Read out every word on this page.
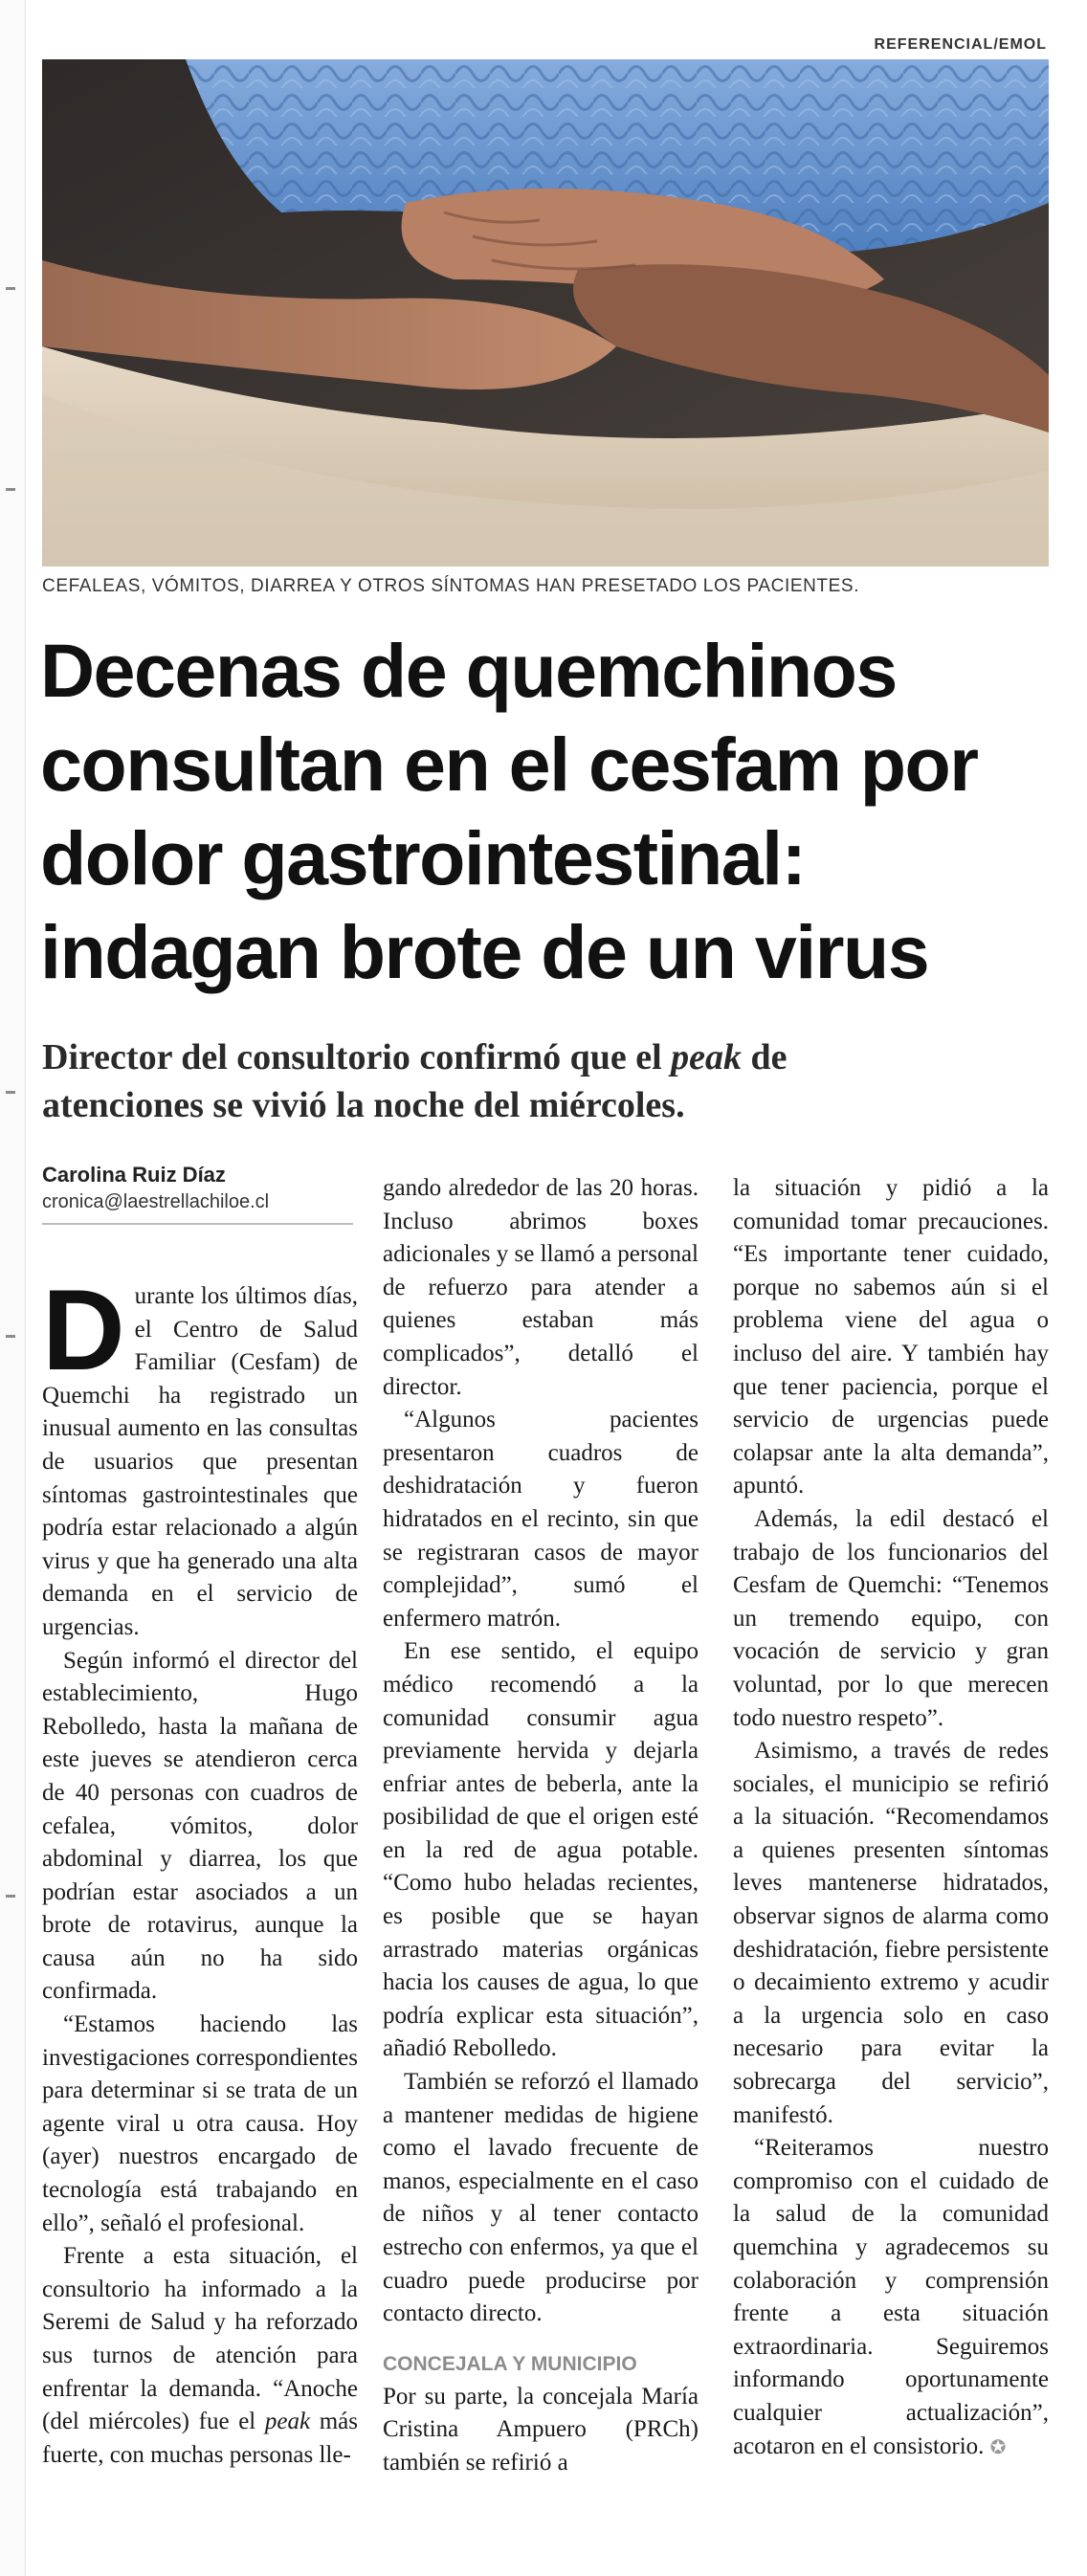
REFERENCIAL/EMOL
CEFALEAS, VÓMITOS, DIARREA Y OTROS SÍNTOMAS HAN PRESETADO LOS PACIENTES.
Decenas de quemchinos
consultan en el cesfam por
dolor gastrointestinal:
indagan brote de un virus
Director del consultorio confirmó que el peak de
atenciones se vivió la noche del miércoles.
Carolina Ruiz Díaz
cronica@laestrellachiloe.cl

Durante los últimos días, el Centro de Salud Familiar (Cesfam) de Quemchi ha registrado un inusual aumento en las consultas de usuarios que presentan síntomas gastrointestinales que podría estar relacionado a algún virus y que ha generado una alta demanda en el servicio de urgencias.

Según informó el director del establecimiento, Hugo Rebolledo, hasta la mañana de este jueves se atendieron cerca de 40 personas con cuadros de cefalea, vómitos, dolor abdominal y diarrea, los que podrían estar asociados a un brote de rotavirus, aunque la causa aún no ha sido confirmada.

“Estamos haciendo las investigaciones correspondientes para determinar si se trata de un agente viral u otra causa. Hoy (ayer) nuestros encargado de tecnología está trabajando en ello”, señaló el profesional.

Frente a esta situación, el consultorio ha informado a la Seremi de Salud y ha reforzado sus turnos de atención para enfrentar la demanda. “Anoche (del miércoles) fue el peak más fuerte, con muchas personas lle-

gando alrededor de las 20 horas. Incluso abrimos boxes adicionales y se llamó a personal de refuerzo para atender a quienes estaban más complicados”, detalló el director.

“Algunos pacientes presentaron cuadros de deshidratación y fueron hidratados en el recinto, sin que se registraran casos de mayor complejidad”, sumó el enfermero matrón.

En ese sentido, el equipo médico recomendó a la comunidad consumir agua previamente hervida y dejarla enfriar antes de beberla, ante la posibilidad de que el origen esté en la red de agua potable. “Como hubo heladas recientes, es posible que se hayan arrastrado materias orgánicas hacia los causes de agua, lo que podría explicar esta situación”, añadió Rebolledo.

También se reforzó el llamado a mantener medidas de higiene como el lavado frecuente de manos, especialmente en el caso de niños y al tener contacto estrecho con enfermos, ya que el cuadro puede producirse por contacto directo.

CONCEJALA Y MUNICIPIO

Por su parte, la concejala María Cristina Ampuero (PRCh) también se refirió a

la situación y pidió a la comunidad tomar precauciones. “Es importante tener cuidado, porque no sabemos aún si el problema viene del agua o incluso del aire. Y también hay que tener paciencia, porque el servicio de urgencias puede colapsar ante la alta demanda”, apuntó.

Además, la edil destacó el trabajo de los funcionarios del Cesfam de Quemchi: “Tenemos un tremendo equipo, con vocación de servicio y gran voluntad, por lo que merecen todo nuestro respeto”.

Asimismo, a través de redes sociales, el municipio se refirió a la situación. “Recomendamos a quienes presenten síntomas leves mantenerse hidratados, observar signos de alarma como deshidratación, fiebre persistente o decaimiento extremo y acudir a la urgencia solo en caso necesario para evitar la sobrecarga del servicio”, manifestó.

“Reiteramos nuestro compromiso con el cuidado de la salud de la comunidad quemchina y agradecemos su colaboración y comprensión frente a esta situación extraordinaria. Seguiremos informando oportunamente cualquier actualización”, acotaron en el consistorio. ✪
